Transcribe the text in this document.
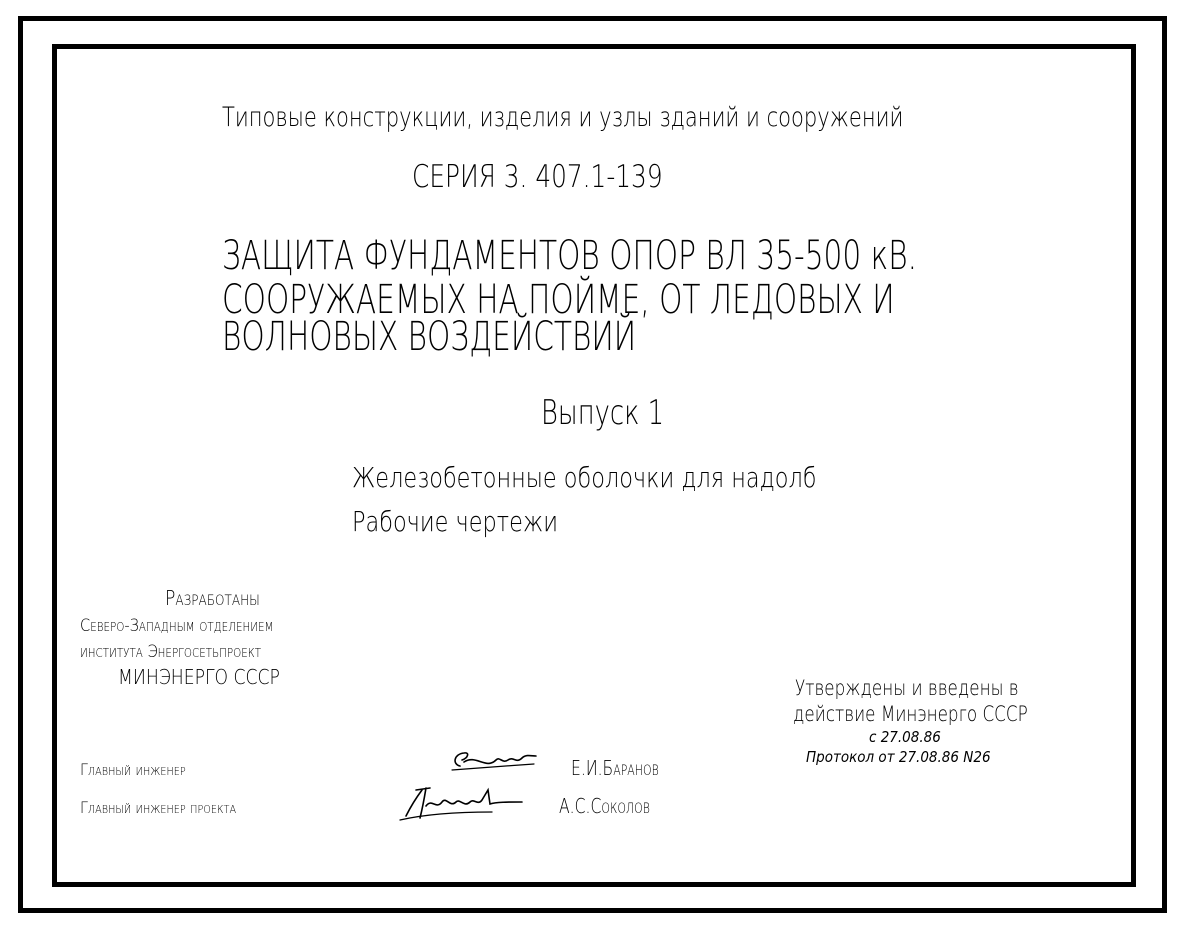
Типовые конструкции, изделия и узлы зданий и сооружений
СЕРИЯ 3. 407.1-139
ЗАЩИТА ФУНДАМЕНТОВ ОПОР ВЛ 35-500 кВ.
СООРУЖАЕМЫХ НА ПОЙМЕ, ОТ ЛЕДОВЫХ И
ВОЛНОВЫХ ВОЗДЕЙСТВИЙ
Выпуск 1
Железобетонные оболочки для надолб
Рабочие чертежи
Разработаны
Северо-Западным отделением
института Энергосетьпроект
МИНЭНЕРГО СССР	Утверждены и введены в
действие Минэнерго СССР
с 27.08.86
Протокол от 27.08.86 N26
Главный инженер
Главный инженер проекта
Е.И.Баранов
А.С.Соколов
